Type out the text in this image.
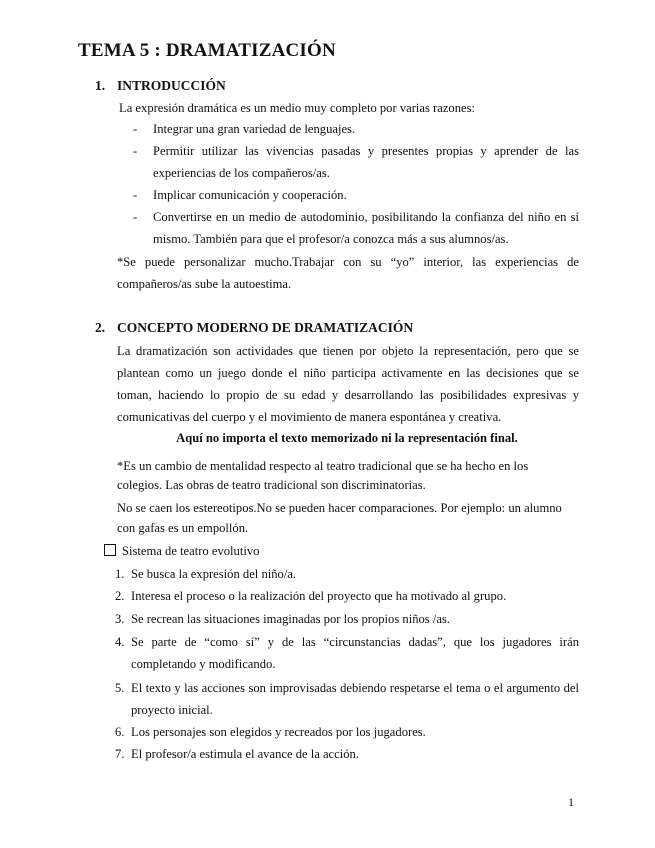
TEMA 5 : DRAMATIZACIÓN
1. INTRODUCCIÓN
La expresión dramática es un medio muy completo por varias razones:
- Integrar una gran variedad de lenguajes.
- Permitir utilizar las vivencias pasadas y presentes propias y aprender de las experiencias de los compañeros/as.
- Implicar comunicación y cooperación.
- Convertirse en un medio de autodominio, posibilitando la confianza del niño en sí mismo. También para que el profesor/a conozca más a sus alumnos/as.
*Se puede personalizar mucho.Trabajar con su “yo” interior, las experiencias de compañeros/as sube la autoestima.
2. CONCEPTO MODERNO DE DRAMATIZACIÓN
La dramatización son actividades que tienen por objeto la representación, pero que se plantean como un juego donde el niño participa activamente en las decisiones que se toman, haciendo lo propio de su edad y desarrollando las posibilidades expresivas y comunicativas del cuerpo y el movimiento de manera espontánea y creativa.
Aquí no importa el texto memorizado ni la representación final.
*Es un cambio de mentalidad respecto al teatro tradicional que se ha hecho en los
colegios. Las obras de teatro tradicional son discriminatorias.
No se caen los estereotipos.No se pueden hacer comparaciones. Por ejemplo: un alumno
con gafas es un empollón.
Sistema de teatro evolutivo
1. Se busca la expresión del niño/a.
2. Interesa el proceso o la realización del proyecto que ha motivado al grupo.
3. Se recrean las situaciones imaginadas por los propios niños /as.
4. Se parte de “como sí” y de las “circunstancias dadas”, que los jugadores irán completando y modificando.
5. El texto y las acciones son improvisadas debiendo respetarse el tema o el argumento del proyecto inicial.
6. Los personajes son elegidos y recreados por los jugadores.
7. El profesor/a estimula el avance de la acción.
1
